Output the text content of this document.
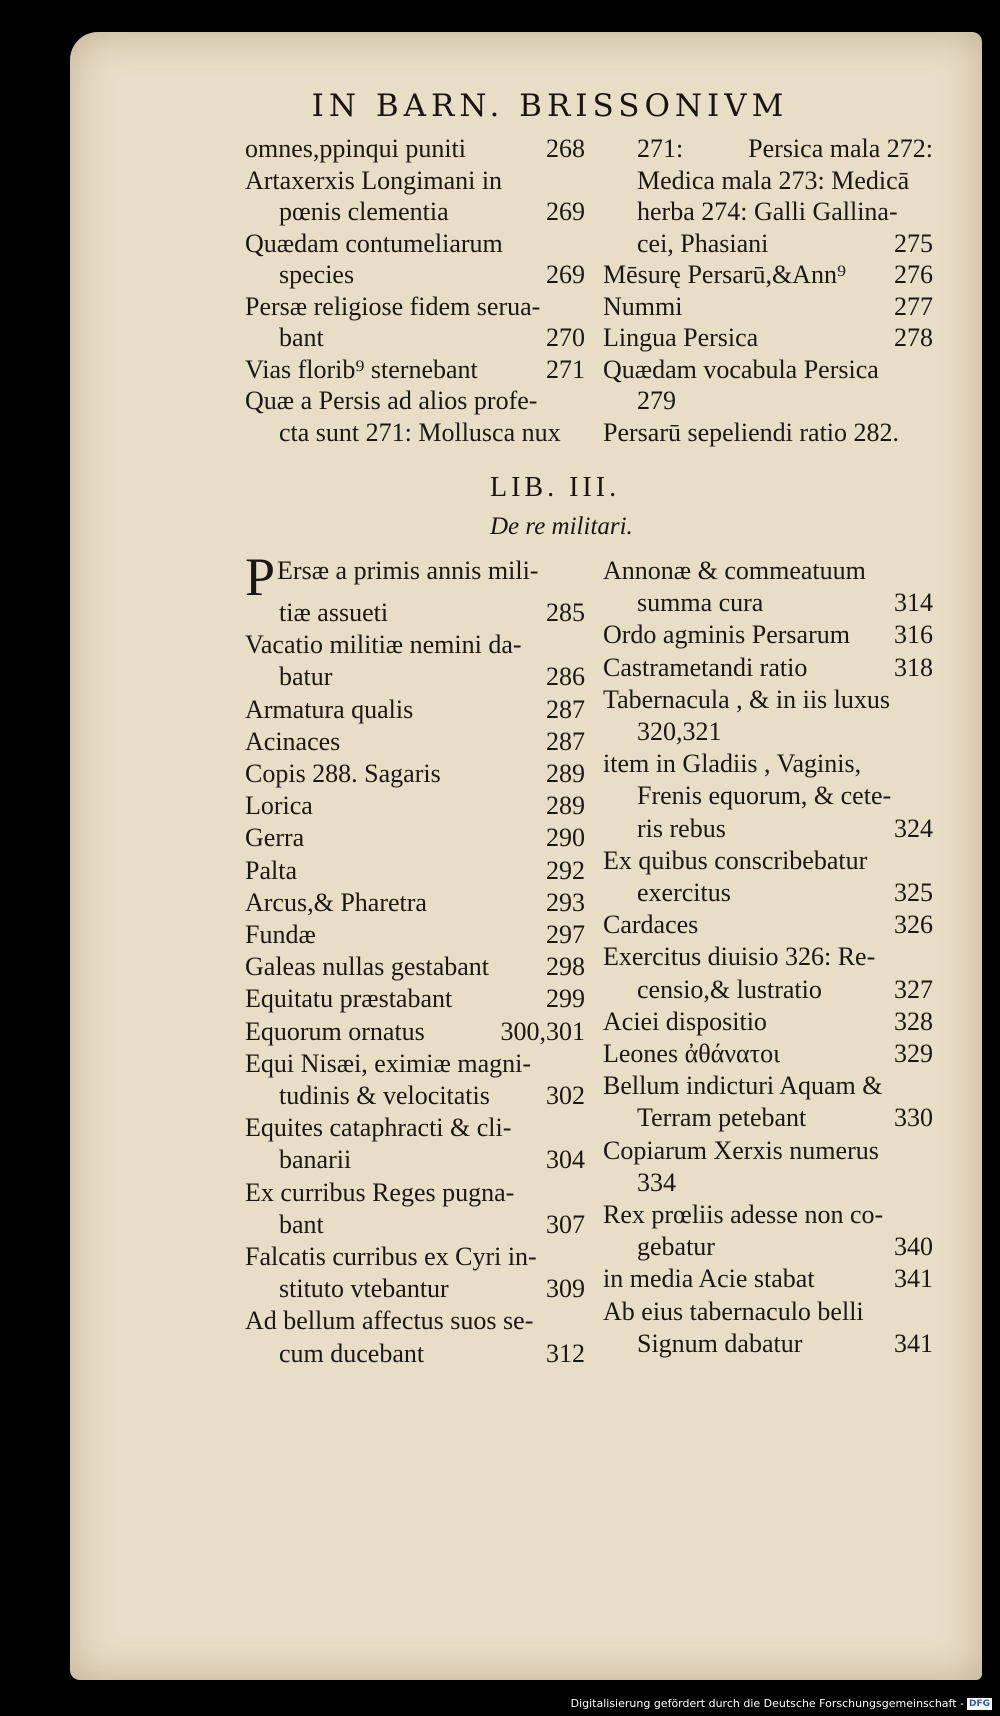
IN BARN. BRISSONIVM
omnes,ppinqui puniti	268
Artaxerxis Longimani in
pœnis clementia	269
Quædam contumeliarum
species	269
Persæ religiose fidem serua-
bant	270
Vias florib⁹ sternebant	271
Quæ a Persis ad alios profe-
cta sunt 271: Mollusca nux
271: Persica mala 272:
Medica mala 273: Medicā
herba 274: Galli Gallina-
cei, Phasiani	275
Mēsurę Persarū,&Ann⁹ 276
Nummi	277
Lingua Persica	278
Quædam vocabula Persica
279
Persarū sepeliendi ratio 282.
LIB. III.
De re militari.
P Ersæ a primis annis mili-
tiæ assueti	285
Vacatio militiæ nemini da-
batur	286
Armatura qualis	287
Acinaces	287
Copis 288. Sagaris	289
Lorica	289
Gerra	290
Palta	292
Arcus,& Pharetra	293
Fundæ	297
Galeas nullas gestabant 298
Equitatu præstabant	299
Equorum ornatus	300,301
Equi Nisæi, eximiæ magni-
tudinis & velocitatis 302
Equites cataphracti & cli-
banarii	304
Ex curribus Reges pugna-
bant	307
Falcatis curribus ex Cyri in-
stituto vtebantur	309
Ad bellum affectus suos se-
cum ducebant	312
Annonæ & commeatuum
summa cura	314
Ordo agminis Persarum 316
Castrametandi ratio	318
Tabernacula , & in iis luxus
320,321
item in Gladiis , Vaginis,
Frenis equorum, & cete-
ris rebus	324
Ex quibus conscribebatur
exercitus	325
Cardaces	326
Exercitus diuisio 326: Re-
censio,& lustratio	327
Aciei dispositio	328
Leones ἀθάνατοι	329
Bellum indicturi Aquam &
Terram petebant	330
Copiarum Xerxis numerus
334
Rex prœliis adesse non co-
gebatur	340
in media Acie stabat	341
Ab eius tabernaculo belli
Signum dabatur	341
Digitalisierung gefördert durch die Deutsche Forschungsgemeinschaft - DFG
